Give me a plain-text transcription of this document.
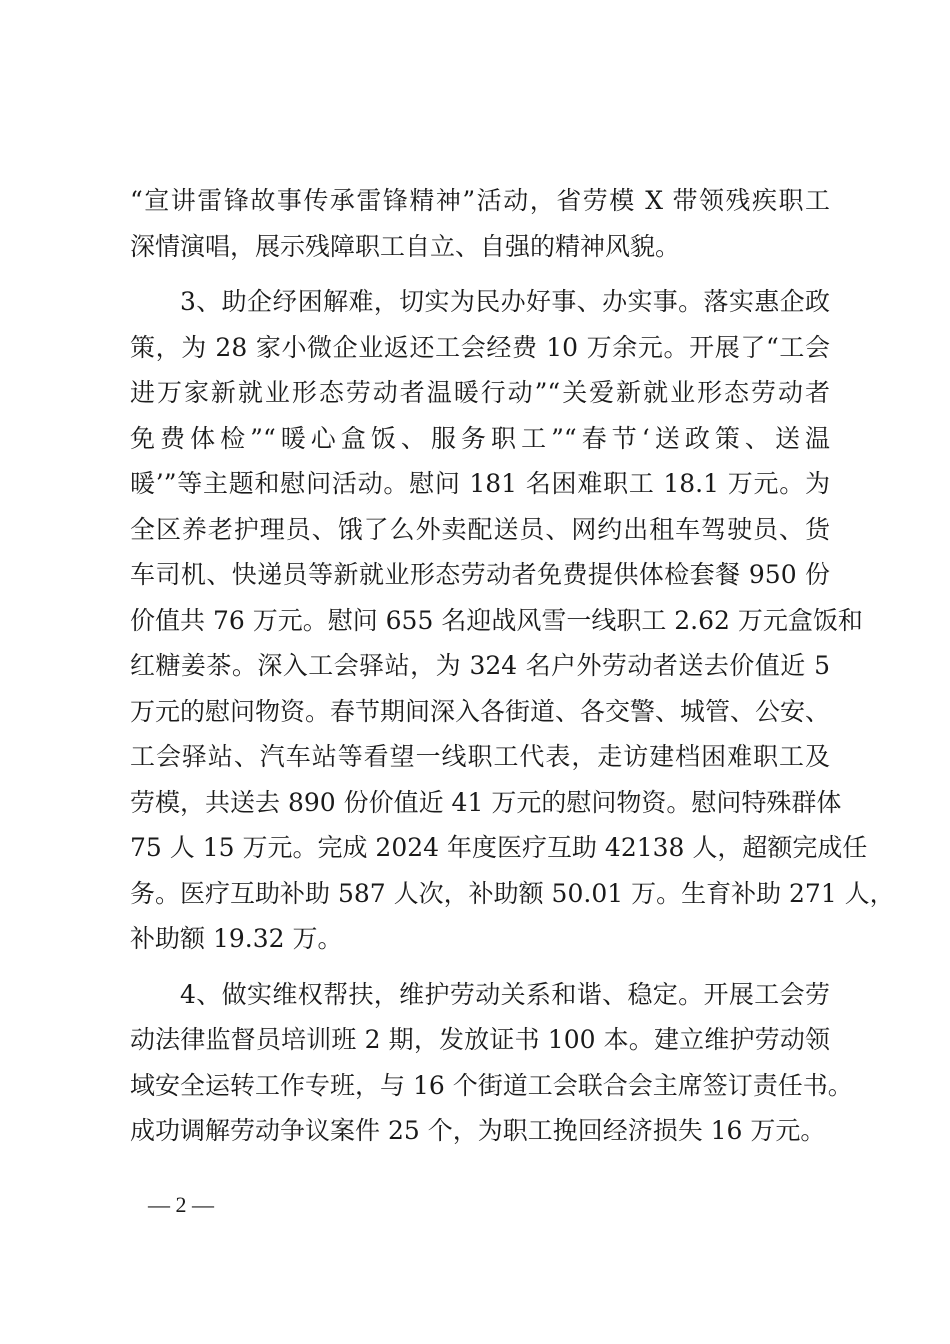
“宣讲雷锋故事传承雷锋精神”活动，省劳模 X 带领残疾职工
深情演唱，展示残障职工自立、自强的精神风貌。
3、助企纾困解难，切实为民办好事、办实事。落实惠企政
策，为 28 家小微企业返还工会经费 10 万余元。开展了“工会
进万家新就业形态劳动者温暖行动”“关爱新就业形态劳动者
免费体检”“暖心盒饭、服务职工”“春节‘送政策、送温
暖’”等主题和慰问活动。慰问 181 名困难职工 18.1 万元。为
全区养老护理员、饿了么外卖配送员、网约出租车驾驶员、货
车司机、快递员等新就业形态劳动者免费提供体检套餐 950 份
价值共 76 万元。慰问 655 名迎战风雪一线职工 2.62 万元盒饭和
红糖姜茶。深入工会驿站，为 324 名户外劳动者送去价值近 5
万元的慰问物资。春节期间深入各街道、各交警、城管、公安、
工会驿站、汽车站等看望一线职工代表，走访建档困难职工及
劳模，共送去 890 份价值近 41 万元的慰问物资。慰问特殊群体
75 人 15 万元。完成 2024 年度医疗互助 42138 人，超额完成任
务。医疗互助补助 587 人次，补助额 50.01 万。生育补助 271 人，
补助额 19.32 万。
4、做实维权帮扶，维护劳动关系和谐、稳定。开展工会劳
动法律监督员培训班 2 期，发放证书 100 本。建立维护劳动领
域安全运转工作专班，与 16 个街道工会联合会主席签订责任书。
成功调解劳动争议案件 25 个，为职工挽回经济损失 16 万元。
— 2 —
